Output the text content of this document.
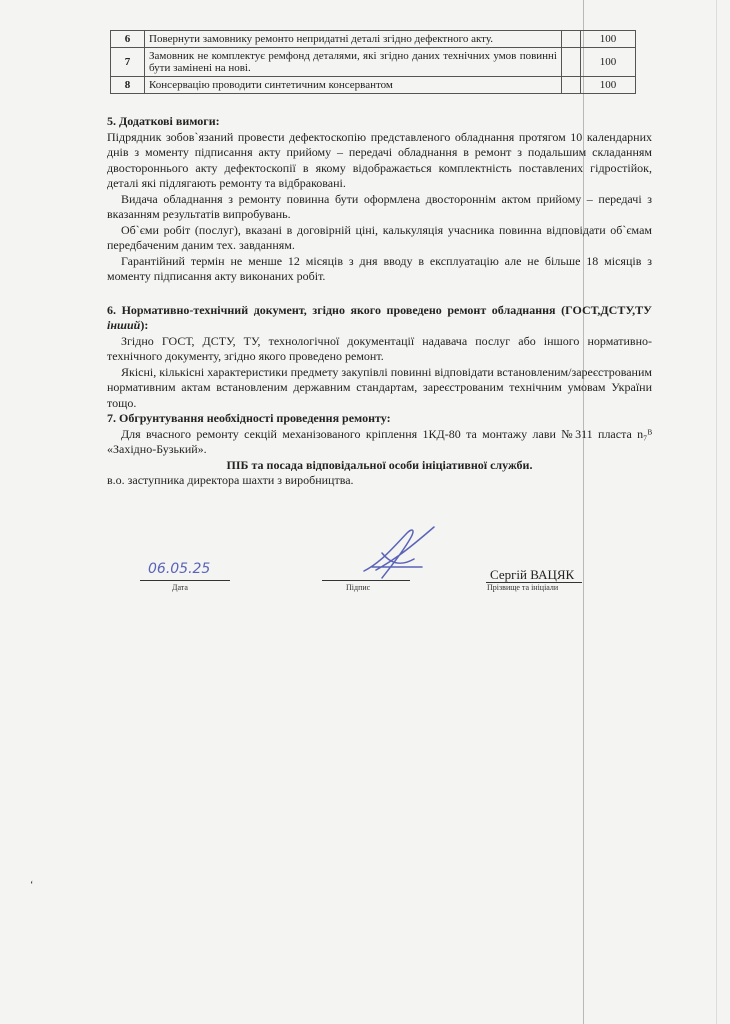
6	Повернути замовнику ремонто непридатні деталі згідно дефектного акту.		100
7	Замовник не комплектує ремфонд деталями, які згідно даних технічних умов повинні бути замінені на нові.		100
8	Консервацію проводити синтетичним консервантом		100

5. Додаткові вимоги:

Підрядник зобов`язаний провести дефектоскопію представленого обладнання протягом 10 календарних днів з моменту підписання акту прийому – передачі обладнання в ремонт з подальшим складанням двостороннього акту дефектоскопії в якому відображається комплектність поставлених гідростійок, деталі які підлягають ремонту та відбраковані.

Видача обладнання з ремонту повинна бути оформлена двостороннім актом прийому – передачі з вказанням результатів випробувань.

Об`єми робіт (послуг), вказані в договірній ціні, калькуляція учасника повинна відповідати об`ємам передбаченим даним тех. завданням.

Гарантійний термін не менше 12 місяців з дня вводу в експлуатацію але не більше 18 місяців з моменту підписання акту виконаних робіт.

6. Нормативно-технічний документ, згідно якого проведено ремонт обладнання (ГОСТ,ДСТУ,ТУ інший):

Згідно ГОСТ, ДСТУ, ТУ, технологічної документації надавача послуг або іншого нормативно-технічного документу, згідно якого проведено ремонт.

Якісні, кількісні характеристики предмету закупівлі повинні відповідати встановленим/зареєстрованим нормативним актам встановленим державним стандартам, зареєстрованим технічним умовам України тощо.

7. Обгрунтування необхідності проведення ремонту:

Для вчасного ремонту секцій механізованого кріплення 1КД-80 та монтажу лави №311 пласта n₇ᴮ «Західно-Бузький».

ПІБ та посада відповідальної особи ініціативної служби.

в.о. заступника директора шахти з виробництва.

06.05.25
Дата	Підпис
Сергій ВАЦЯК
Прізвище та ініціали
ʻ
